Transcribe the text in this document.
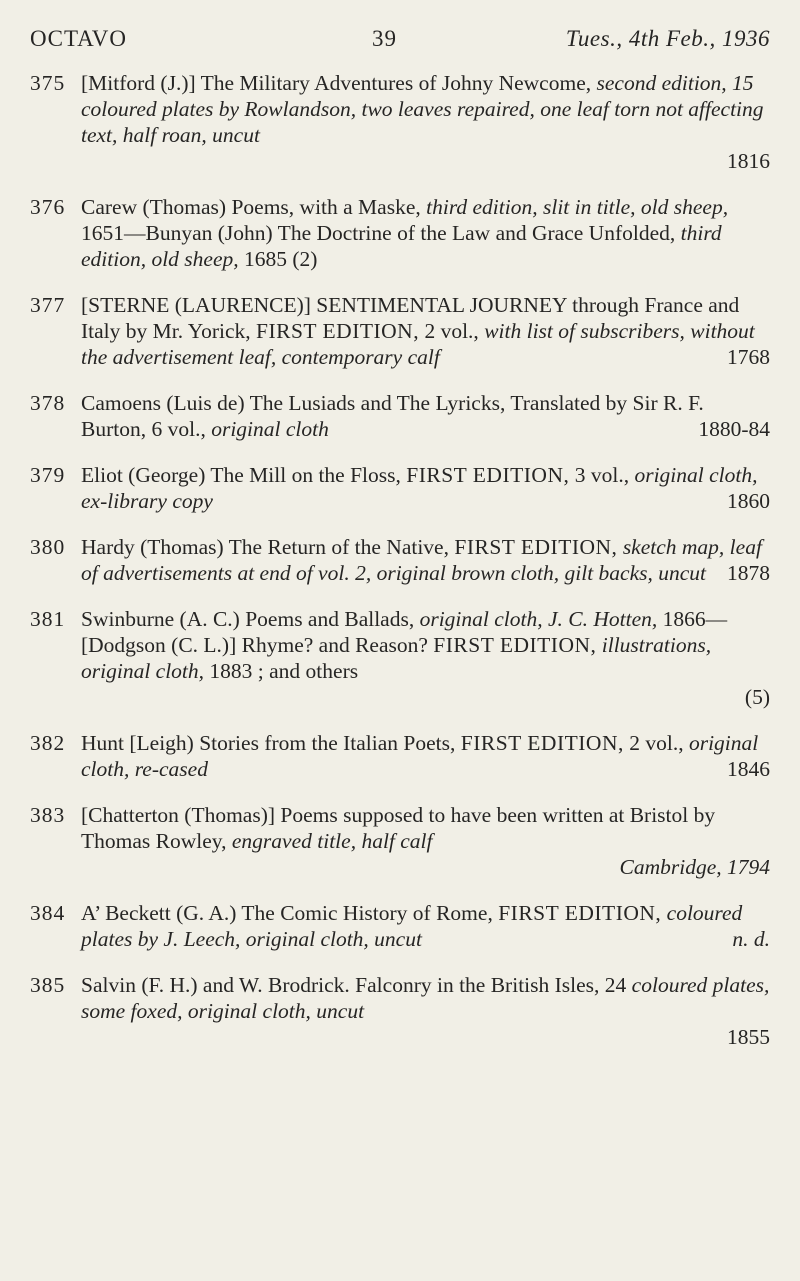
OCTAVO	39	Tues., 4th Feb., 1936
375 [Mitford (J.)] The Military Adventures of Johny Newcome, second edition, 15 coloured plates by Rowlandson, two leaves repaired, one leaf torn not affecting text, half roan, uncut
1816
376 Carew (Thomas) Poems, with a Maske, third edition, slit in title, old sheep, 1651—Bunyan (John) The Doctrine of the Law and Grace Unfolded, third edition, old sheep, 1685 (2)
377 [STERNE (LAURENCE)] SENTIMENTAL JOURNEY through France and Italy by Mr. Yorick, FIRST EDITION, 2 vol., with list of subscribers, without the advertisement leaf, contemporary calf	1768
378 Camoens (Luis de) The Lusiads and The Lyricks, Translated by Sir R. F. Burton, 6 vol., original cloth	1880-84
379 Eliot (George) The Mill on the Floss, FIRST EDITION, 3 vol., original cloth, ex-library copy	1860
380 Hardy (Thomas) The Return of the Native, FIRST EDITION, sketch map, leaf of advertisements at end of vol. 2, original brown cloth, gilt backs, uncut 1878
381 Swinburne (A. C.) Poems and Ballads, original cloth, J. C. Hotten, 1866—[Dodgson (C. L.)] Rhyme? and Reason? FIRST EDITION, illustrations, original cloth, 1883 ; and others
(5)
382 Hunt [Leigh) Stories from the Italian Poets, FIRST EDITION, 2 vol., original cloth, re-cased	1846
383 [Chatterton (Thomas)] Poems supposed to have been written at Bristol by Thomas Rowley, engraved title, half calf
Cambridge, 1794
384 A’ Beckett (G. A.) The Comic History of Rome, FIRST EDITION, coloured plates by J. Leech, original cloth, uncut	n. d.
385 Salvin (F. H.) and W. Brodrick. Falconry in the British Isles, 24 coloured plates, some foxed, original cloth, uncut
1855
